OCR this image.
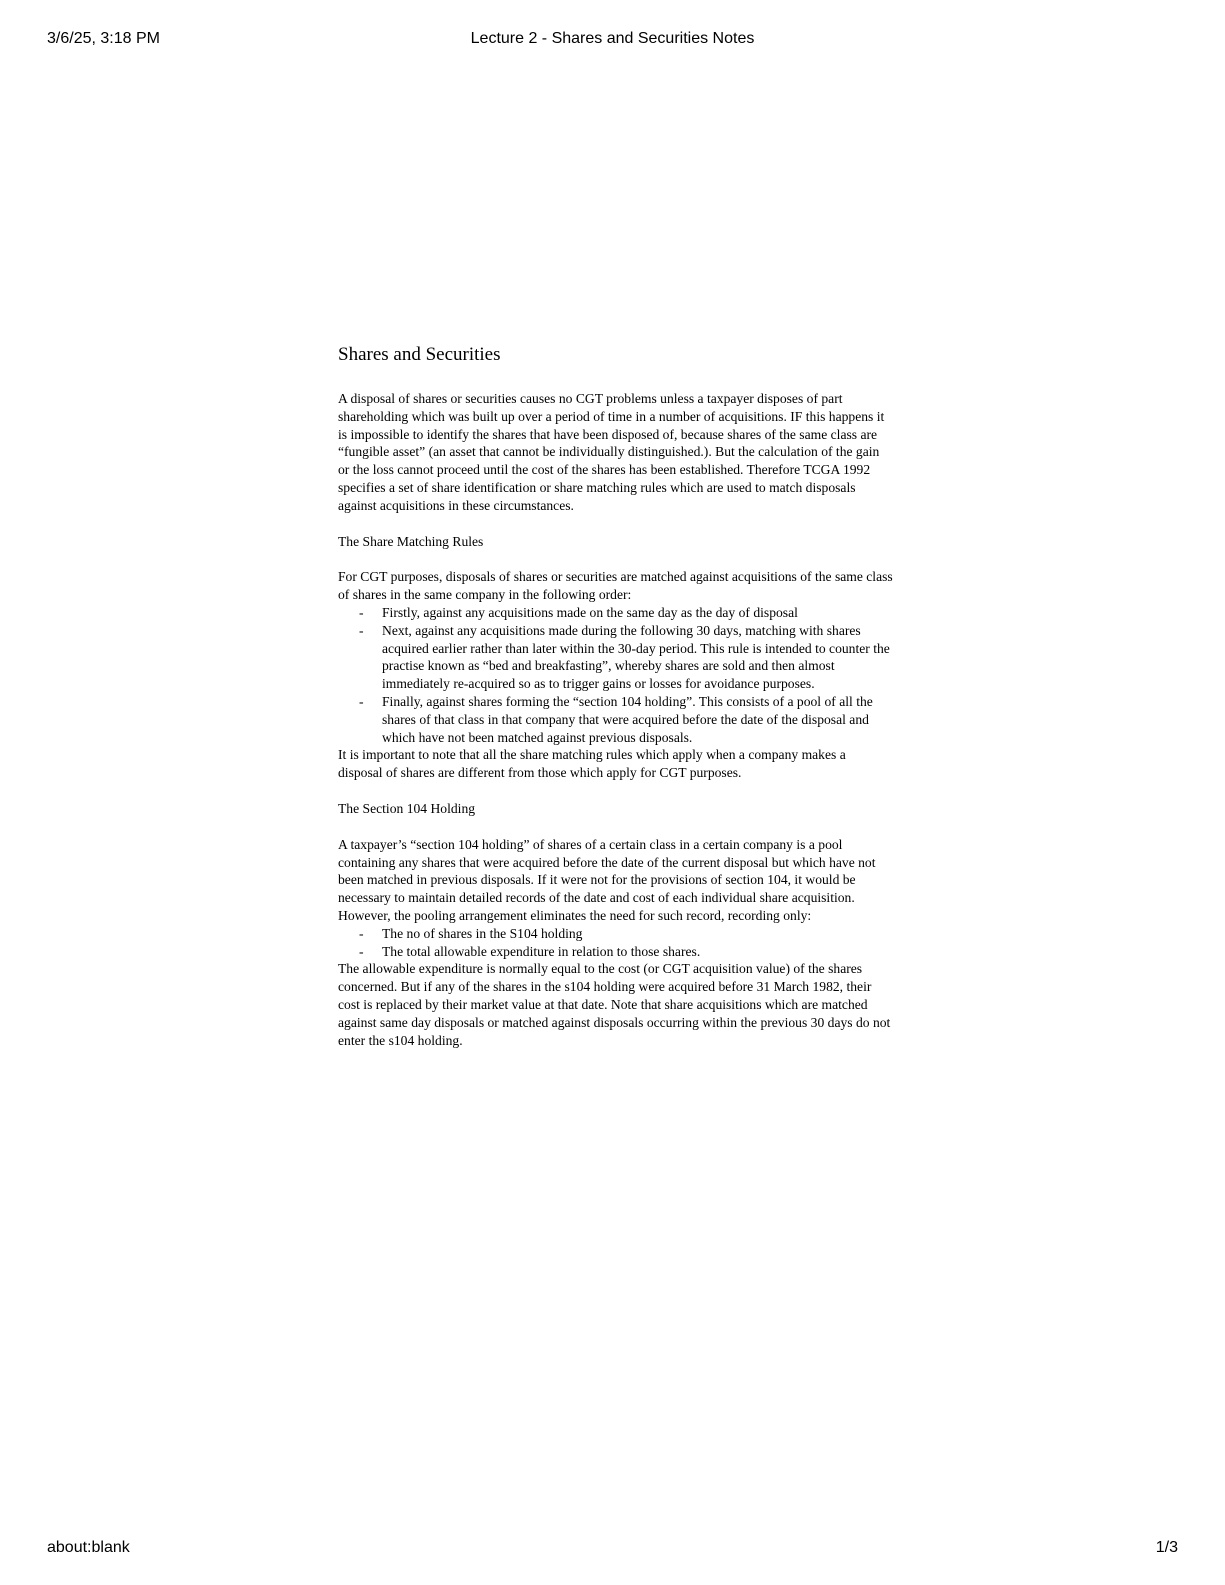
3/6/25, 3:18 PM	Lecture 2 - Shares and Securities Notes
Shares and Securities

A disposal of shares or securities causes no CGT problems unless a taxpayer disposes of part shareholding which was built up over a period of time in a number of acquisitions. IF this happens it is impossible to identify the shares that have been disposed of, because shares of the same class are “fungible asset” (an asset that cannot be individually distinguished.). But the calculation of the gain or the loss cannot proceed until the cost of the shares has been established. Therefore TCGA 1992 specifies a set of share identification or share matching rules which are used to match disposals against acquisitions in these circumstances.

The Share Matching Rules

For CGT purposes, disposals of shares or securities are matched against acquisitions of the same class of shares in the same company in the following order:

- Firstly, against any acquisitions made on the same day as the day of disposal
- Next, against any acquisitions made during the following 30 days, matching with shares acquired earlier rather than later within the 30-day period. This rule is intended to counter the practise known as “bed and breakfasting”, whereby shares are sold and then almost immediately re-acquired so as to trigger gains or losses for avoidance purposes.
- Finally, against shares forming the “section 104 holding”. This consists of a pool of all the shares of that class in that company that were acquired before the date of the disposal and which have not been matched against previous disposals.

It is important to note that all the share matching rules which apply when a company makes a disposal of shares are different from those which apply for CGT purposes.

The Section 104 Holding

A taxpayer’s “section 104 holding” of shares of a certain class in a certain company is a pool containing any shares that were acquired before the date of the current disposal but which have not been matched in previous disposals. If it were not for the provisions of section 104, it would be necessary to maintain detailed records of the date and cost of each individual share acquisition. However, the pooling arrangement eliminates the need for such record, recording only:

- The no of shares in the S104 holding
- The total allowable expenditure in relation to those shares.

The allowable expenditure is normally equal to the cost (or CGT acquisition value) of the shares concerned. But if any of the shares in the s104 holding were acquired before 31 March 1982, their cost is replaced by their market value at that date. Note that share acquisitions which are matched against same day disposals or matched against disposals occurring within the previous 30 days do not enter the s104 holding.

about:blank	1/3
